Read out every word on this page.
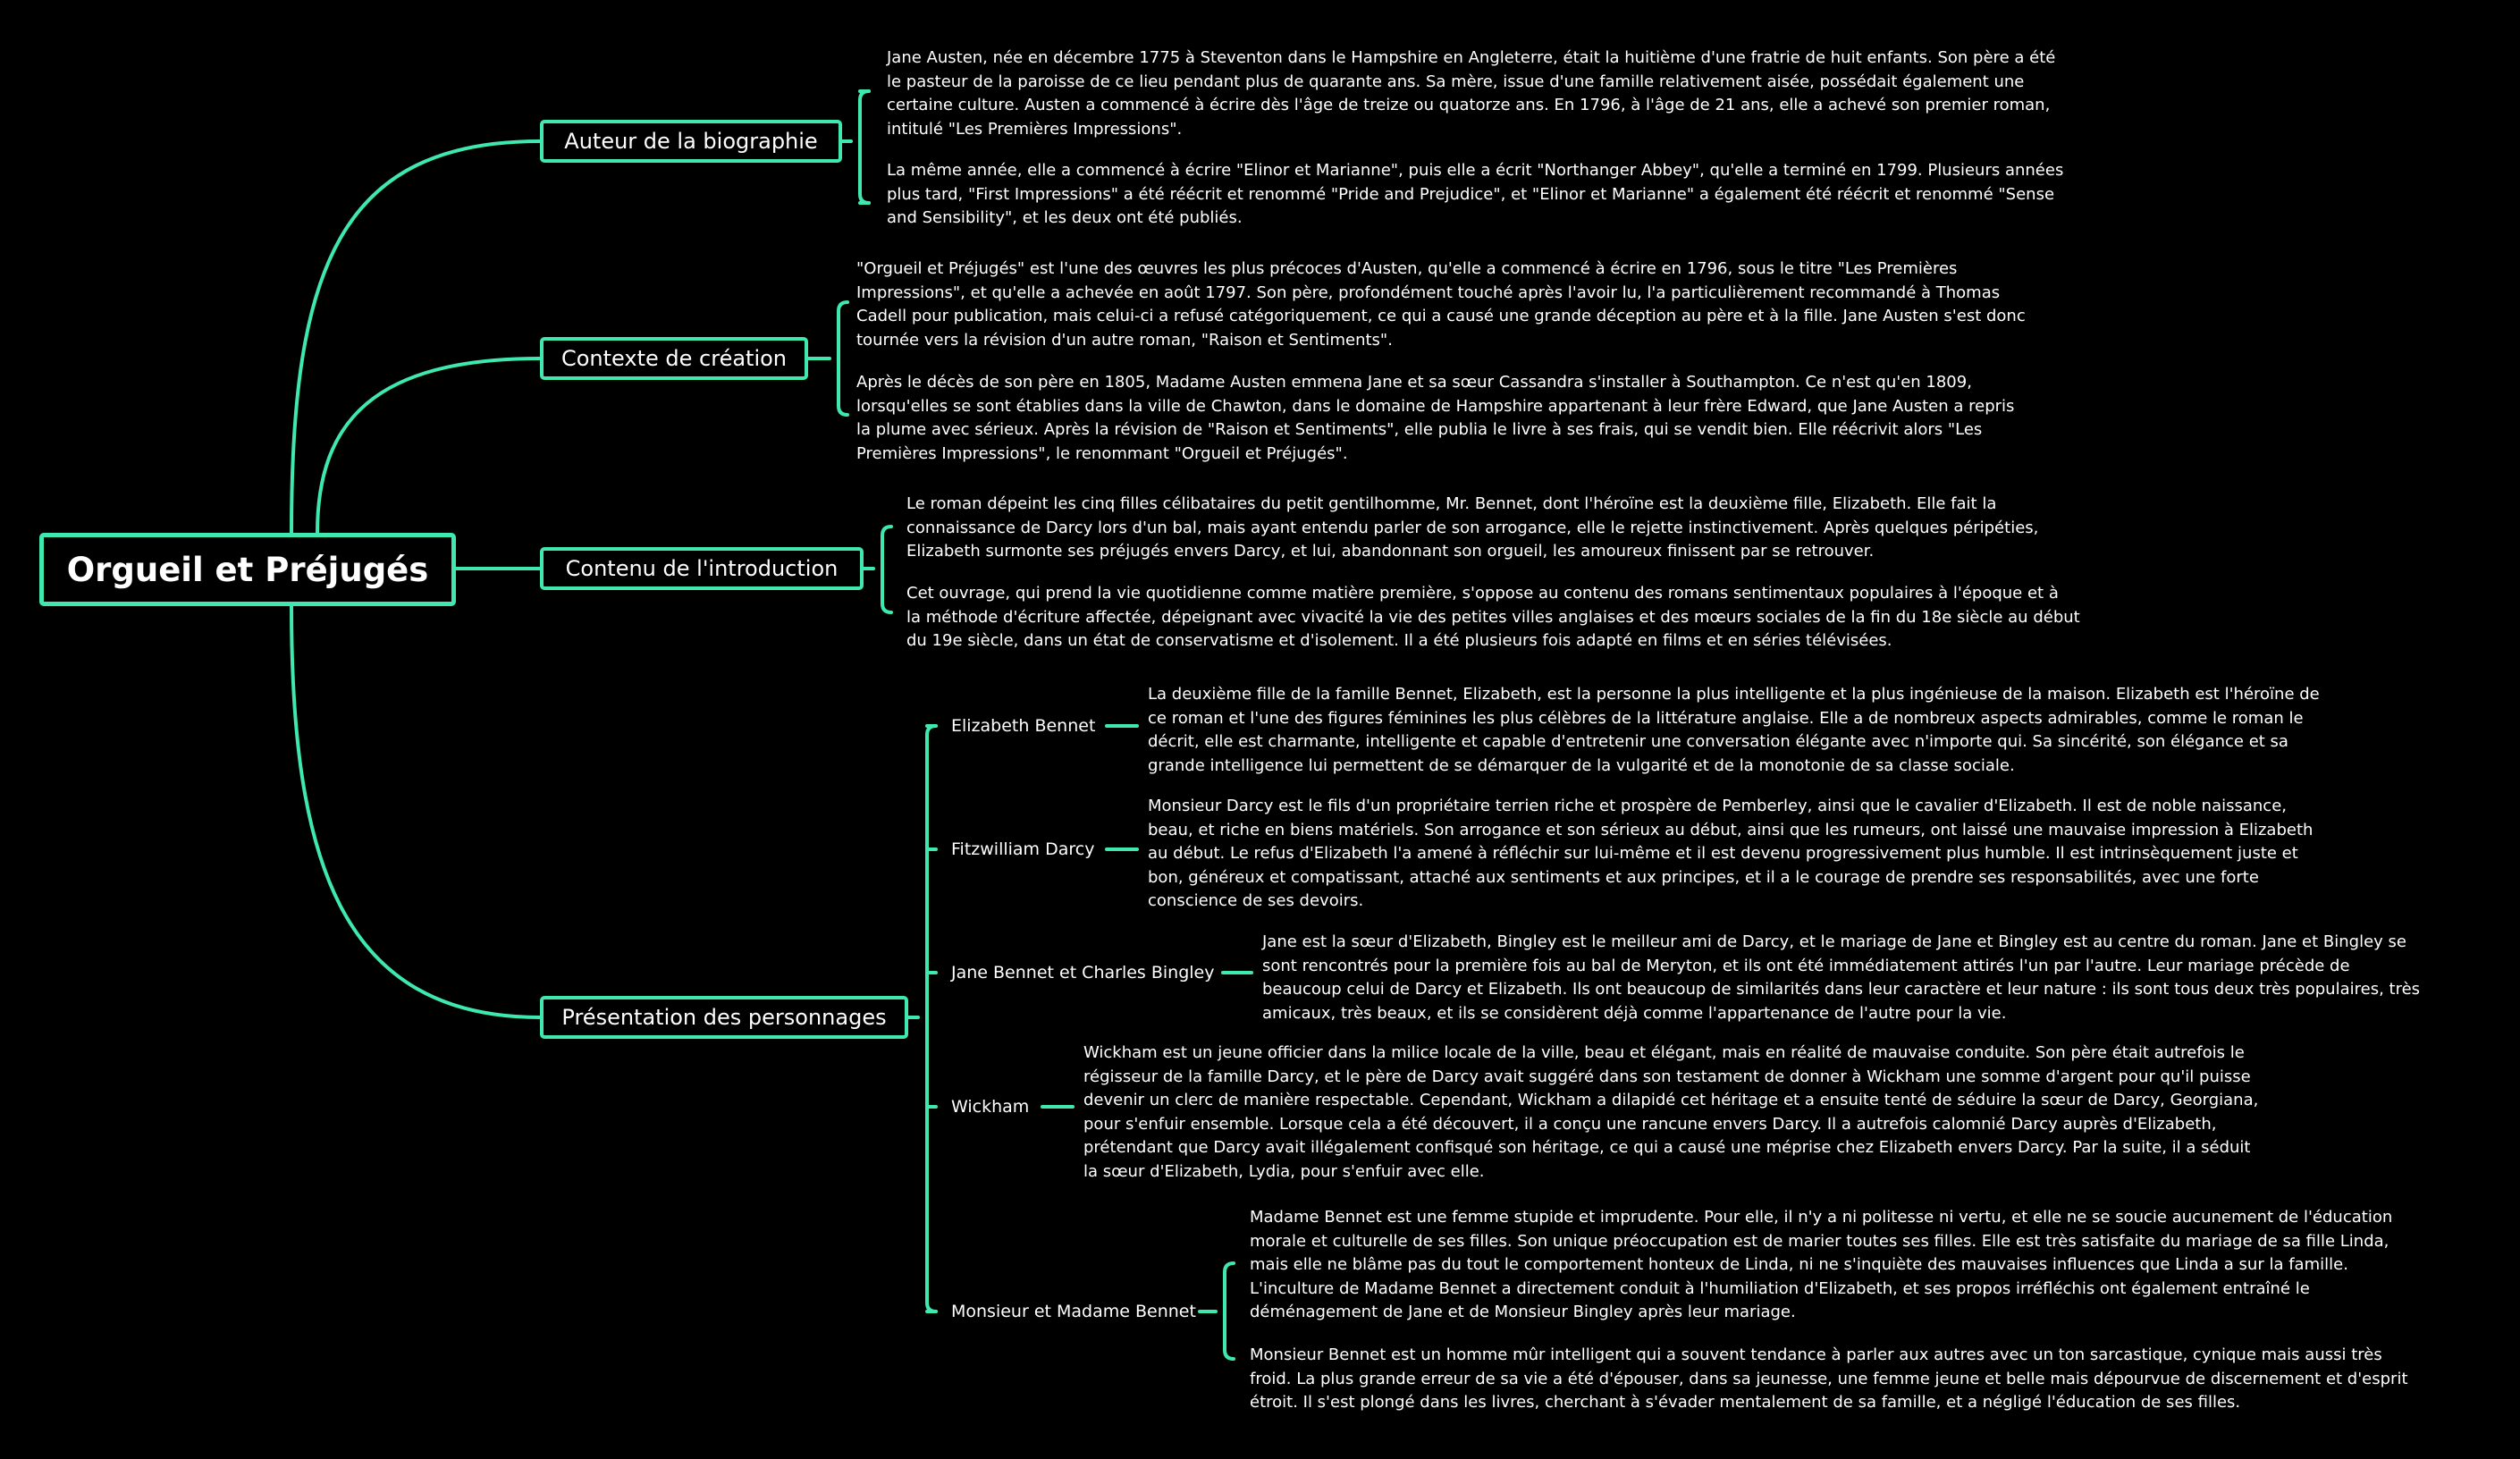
Orgueil et Préjugés
Auteur de la biographie
Contexte de création
Contenu de l'introduction
Présentation des personnages
Jane Austen, née en décembre 1775 à Steventon dans le Hampshire en Angleterre, était la huitième d'une fratrie de huit enfants. Son père a été
le pasteur de la paroisse de ce lieu pendant plus de quarante ans. Sa mère, issue d'une famille relativement aisée, possédait également une
certaine culture. Austen a commencé à écrire dès l'âge de treize ou quatorze ans. En 1796, à l'âge de 21 ans, elle a achevé son premier roman,
intitulé "Les Premières Impressions".
La même année, elle a commencé à écrire "Elinor et Marianne", puis elle a écrit "Northanger Abbey", qu'elle a terminé en 1799. Plusieurs années
plus tard, "First Impressions" a été réécrit et renommé "Pride and Prejudice", et "Elinor et Marianne" a également été réécrit et renommé "Sense
and Sensibility", et les deux ont été publiés.
"Orgueil et Préjugés" est l'une des œuvres les plus précoces d'Austen, qu'elle a commencé à écrire en 1796, sous le titre "Les Premières
Impressions", et qu'elle a achevée en août 1797. Son père, profondément touché après l'avoir lu, l'a particulièrement recommandé à Thomas
Cadell pour publication, mais celui-ci a refusé catégoriquement, ce qui a causé une grande déception au père et à la fille. Jane Austen s'est donc
tournée vers la révision d'un autre roman, "Raison et Sentiments".
Après le décès de son père en 1805, Madame Austen emmena Jane et sa sœur Cassandra s'installer à Southampton. Ce n'est qu'en 1809,
lorsqu'elles se sont établies dans la ville de Chawton, dans le domaine de Hampshire appartenant à leur frère Edward, que Jane Austen a repris
la plume avec sérieux. Après la révision de "Raison et Sentiments", elle publia le livre à ses frais, qui se vendit bien. Elle réécrivit alors "Les
Premières Impressions", le renommant "Orgueil et Préjugés".
Le roman dépeint les cinq filles célibataires du petit gentilhomme, Mr. Bennet, dont l'héroïne est la deuxième fille, Elizabeth. Elle fait la
connaissance de Darcy lors d'un bal, mais ayant entendu parler de son arrogance, elle le rejette instinctivement. Après quelques péripéties,
Elizabeth surmonte ses préjugés envers Darcy, et lui, abandonnant son orgueil, les amoureux finissent par se retrouver.
Cet ouvrage, qui prend la vie quotidienne comme matière première, s'oppose au contenu des romans sentimentaux populaires à l'époque et à
la méthode d'écriture affectée, dépeignant avec vivacité la vie des petites villes anglaises et des mœurs sociales de la fin du 18e siècle au début
du 19e siècle, dans un état de conservatisme et d'isolement. Il a été plusieurs fois adapté en films et en séries télévisées.
Elizabeth Bennet
La deuxième fille de la famille Bennet, Elizabeth, est la personne la plus intelligente et la plus ingénieuse de la maison. Elizabeth est l'héroïne de
ce roman et l'une des figures féminines les plus célèbres de la littérature anglaise. Elle a de nombreux aspects admirables, comme le roman le
décrit, elle est charmante, intelligente et capable d'entretenir une conversation élégante avec n'importe qui. Sa sincérité, son élégance et sa
grande intelligence lui permettent de se démarquer de la vulgarité et de la monotonie de sa classe sociale.
Fitzwilliam Darcy
Monsieur Darcy est le fils d'un propriétaire terrien riche et prospère de Pemberley, ainsi que le cavalier d'Elizabeth. Il est de noble naissance,
beau, et riche en biens matériels. Son arrogance et son sérieux au début, ainsi que les rumeurs, ont laissé une mauvaise impression à Elizabeth
au début. Le refus d'Elizabeth l'a amené à réfléchir sur lui-même et il est devenu progressivement plus humble. Il est intrinsèquement juste et
bon, généreux et compatissant, attaché aux sentiments et aux principes, et il a le courage de prendre ses responsabilités, avec une forte
conscience de ses devoirs.
Jane Bennet et Charles Bingley
Jane est la sœur d'Elizabeth, Bingley est le meilleur ami de Darcy, et le mariage de Jane et Bingley est au centre du roman. Jane et Bingley se
sont rencontrés pour la première fois au bal de Meryton, et ils ont été immédiatement attirés l'un par l'autre. Leur mariage précède de
beaucoup celui de Darcy et Elizabeth. Ils ont beaucoup de similarités dans leur caractère et leur nature : ils sont tous deux très populaires, très
amicaux, très beaux, et ils se considèrent déjà comme l'appartenance de l'autre pour la vie.
Wickham
Wickham est un jeune officier dans la milice locale de la ville, beau et élégant, mais en réalité de mauvaise conduite. Son père était autrefois le
régisseur de la famille Darcy, et le père de Darcy avait suggéré dans son testament de donner à Wickham une somme d'argent pour qu'il puisse
devenir un clerc de manière respectable. Cependant, Wickham a dilapidé cet héritage et a ensuite tenté de séduire la sœur de Darcy, Georgiana,
pour s'enfuir ensemble. Lorsque cela a été découvert, il a conçu une rancune envers Darcy. Il a autrefois calomnié Darcy auprès d'Elizabeth,
prétendant que Darcy avait illégalement confisqué son héritage, ce qui a causé une méprise chez Elizabeth envers Darcy. Par la suite, il a séduit
la sœur d'Elizabeth, Lydia, pour s'enfuir avec elle.
Monsieur et Madame Bennet
Madame Bennet est une femme stupide et imprudente. Pour elle, il n'y a ni politesse ni vertu, et elle ne se soucie aucunement de l'éducation
morale et culturelle de ses filles. Son unique préoccupation est de marier toutes ses filles. Elle est très satisfaite du mariage de sa fille Linda,
mais elle ne blâme pas du tout le comportement honteux de Linda, ni ne s'inquiète des mauvaises influences que Linda a sur la famille.
L'inculture de Madame Bennet a directement conduit à l'humiliation d'Elizabeth, et ses propos irréfléchis ont également entraîné le
déménagement de Jane et de Monsieur Bingley après leur mariage.
Monsieur Bennet est un homme mûr intelligent qui a souvent tendance à parler aux autres avec un ton sarcastique, cynique mais aussi très
froid. La plus grande erreur de sa vie a été d'épouser, dans sa jeunesse, une femme jeune et belle mais dépourvue de discernement et d'esprit
étroit. Il s'est plongé dans les livres, cherchant à s'évader mentalement de sa famille, et a négligé l'éducation de ses filles.
